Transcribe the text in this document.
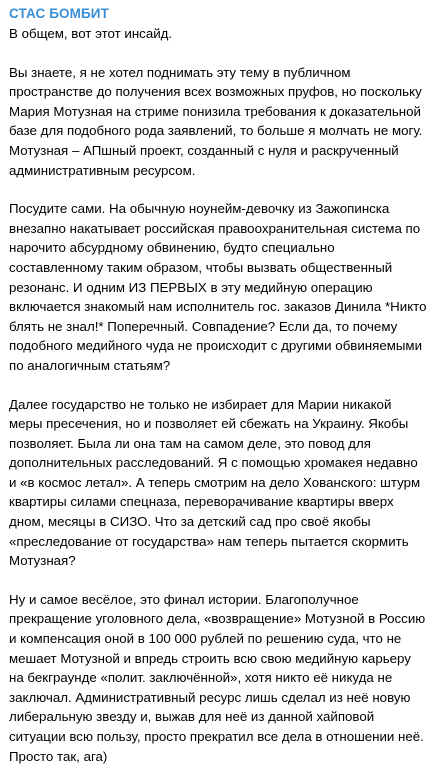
СТАС БОМБИТ
В общем, вот этот инсайд.
Вы знаете, я не хотел поднимать эту тему в публичном пространстве до получения всех возможных пруфов, но поскольку Мария Мотузная на стриме понизила требования к доказательной базе для подобного рода заявлений, то больше я молчать не могу. Мотузная – АПшный проект, созданный с нуля и раскрученный административным ресурсом.
Посудите сами. На обычную ноунейм-девочку из Зажопинска внезапно накатывает российская правоохранительная система по нарочито абсурдному обвинению, будто специально составленному таким образом, чтобы вызвать общественный резонанс. И одним ИЗ ПЕРВЫХ в эту медийную операцию включается знакомый нам исполнитель гос. заказов Динила *Никто блять не знал!* Поперечный. Совпадение? Если да, то почему подобного медийного чуда не происходит с другими обвиняемыми по аналогичным статьям?
Далее государство не только не избирает для Марии никакой меры пресечения, но и позволяет ей сбежать на Украину. Якобы позволяет. Была ли она там на самом деле, это повод для дополнительных расследований. Я с помощью хромакея недавно и «в космос летал». А теперь смотрим на дело Хованского: штурм квартиры силами спецназа, переворачивание квартиры вверх дном, месяцы в СИЗО. Что за детский сад про своё якобы «преследование от государства» нам теперь пытается скормить Мотузная?
Ну и самое весёлое, это финал истории. Благополучное прекращение уголовного дела, «возвращение» Мотузной в Россию и компенсация оной в 100 000 рублей по решению суда, что не мешает Мотузной и впредь строить всю свою медийную карьеру на бекграунде «полит. заключённой», хотя никто её никуда не заключал. Административный ресурс лишь сделал из неё новую либеральную звезду и, выжав для неё из данной хайповой ситуации всю пользу, просто прекратил все дела в отношении неё. Просто так, ага)
